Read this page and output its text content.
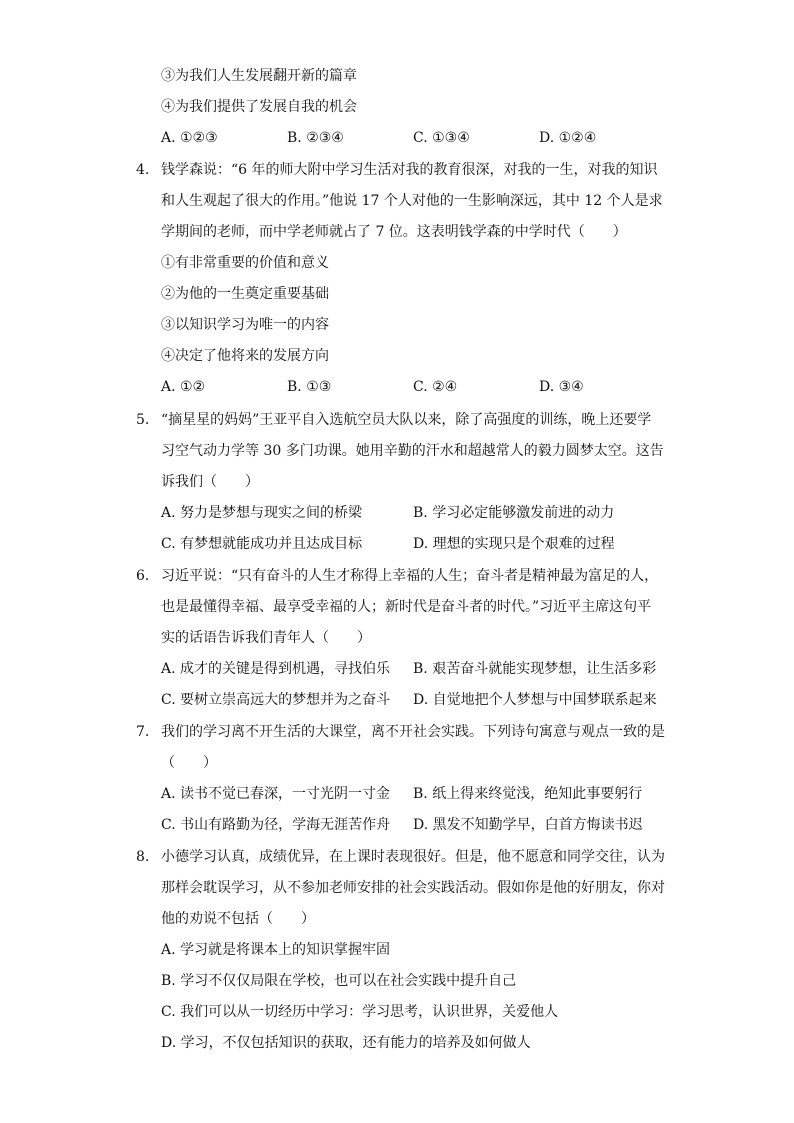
③为我们人生发展翻开新的篇章
④为我们提供了发展自我的机会
A. ①②③	B. ②③④	C. ①③④	D. ①②④
4. 钱学森说：“6 年的师大附中学习生活对我的教育很深，对我的一生，对我的知识
和人生观起了很大的作用。”他说 17 个人对他的一生影响深远，其中 12 个人是求
学期间的老师，而中学老师就占了 7 位。这表明钱学森的中学时代（　　）
①有非常重要的价值和意义
②为他的一生奠定重要基础
③以知识学习为唯一的内容
④决定了他将来的发展方向
A. ①②	B. ①③	C. ②④	D. ③④
5. “摘星星的妈妈”王亚平自入选航空员大队以来，除了高强度的训练，晚上还要学
习空气动力学等 30 多门功课。她用辛勤的汗水和超越常人的毅力圆梦太空。这告
诉我们（　　）
A. 努力是梦想与现实之间的桥梁	B. 学习必定能够激发前进的动力
C. 有梦想就能成功并且达成目标	D. 理想的实现只是个艰难的过程
6. 习近平说：“只有奋斗的人生才称得上幸福的人生；奋斗者是精神最为富足的人，
也是最懂得幸福、最享受幸福的人；新时代是奋斗者的时代。”习近平主席这句平
实的话语告诉我们青年人（　　）
A. 成才的关键是得到机遇，寻找伯乐 B. 艰苦奋斗就能实现梦想，让生活多彩
C. 要树立崇高远大的梦想并为之奋斗 D. 自觉地把个人梦想与中国梦联系起来
7. 我们的学习离不开生活的大课堂，离不开社会实践。下列诗句寓意与观点一致的是
（　　）
A. 读书不觉已春深，一寸光阴一寸金 B. 纸上得来终觉浅，绝知此事要躬行
C. 书山有路勤为径，学海无涯苦作舟 D. 黑发不知勤学早，白首方悔读书迟
8. 小德学习认真，成绩优异，在上课时表现很好。但是，他不愿意和同学交往，认为
那样会耽误学习，从不参加老师安排的社会实践活动。假如你是他的好朋友，你对
他的劝说不包括（　　）
A. 学习就是将课本上的知识掌握牢固
B. 学习不仅仅局限在学校，也可以在社会实践中提升自己
C. 我们可以从一切经历中学习：学习思考，认识世界，关爱他人
D. 学习，不仅包括知识的获取，还有能力的培养及如何做人
